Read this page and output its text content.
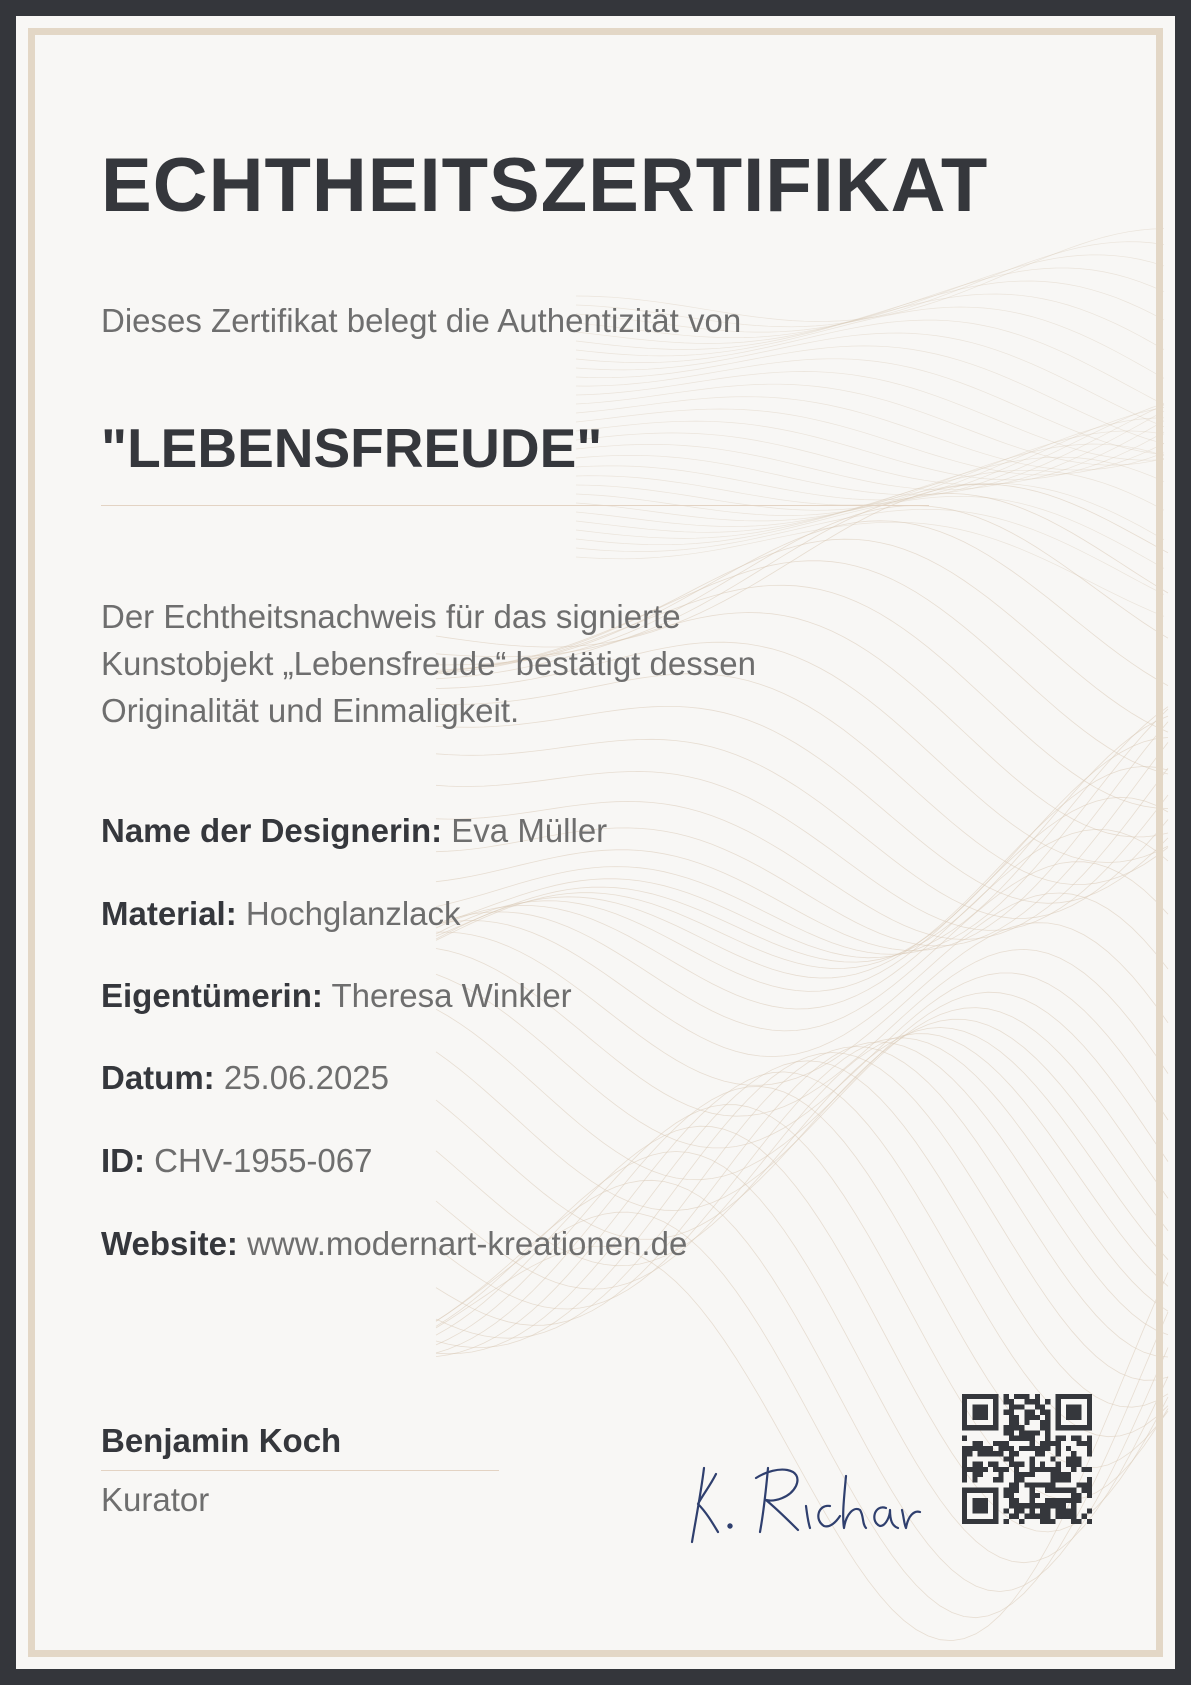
ECHTHEITSZERTIFIKAT

Dieses Zertifikat belegt die Authentizität von

"LEBENSFREUDE"

Der Echtheitsnachweis für das signierte Kunstobjekt „Lebensfreude“ bestätigt dessen Originalität und Einmaligkeit.

Name der Designerin: Eva Müller
Material: Hochglanzlack
Eigentümerin: Theresa Winkler
Datum: 25.06.2025
ID: CHV-1955-067
Website: www.modernart-kreationen.de

Benjamin Koch

Kurator
